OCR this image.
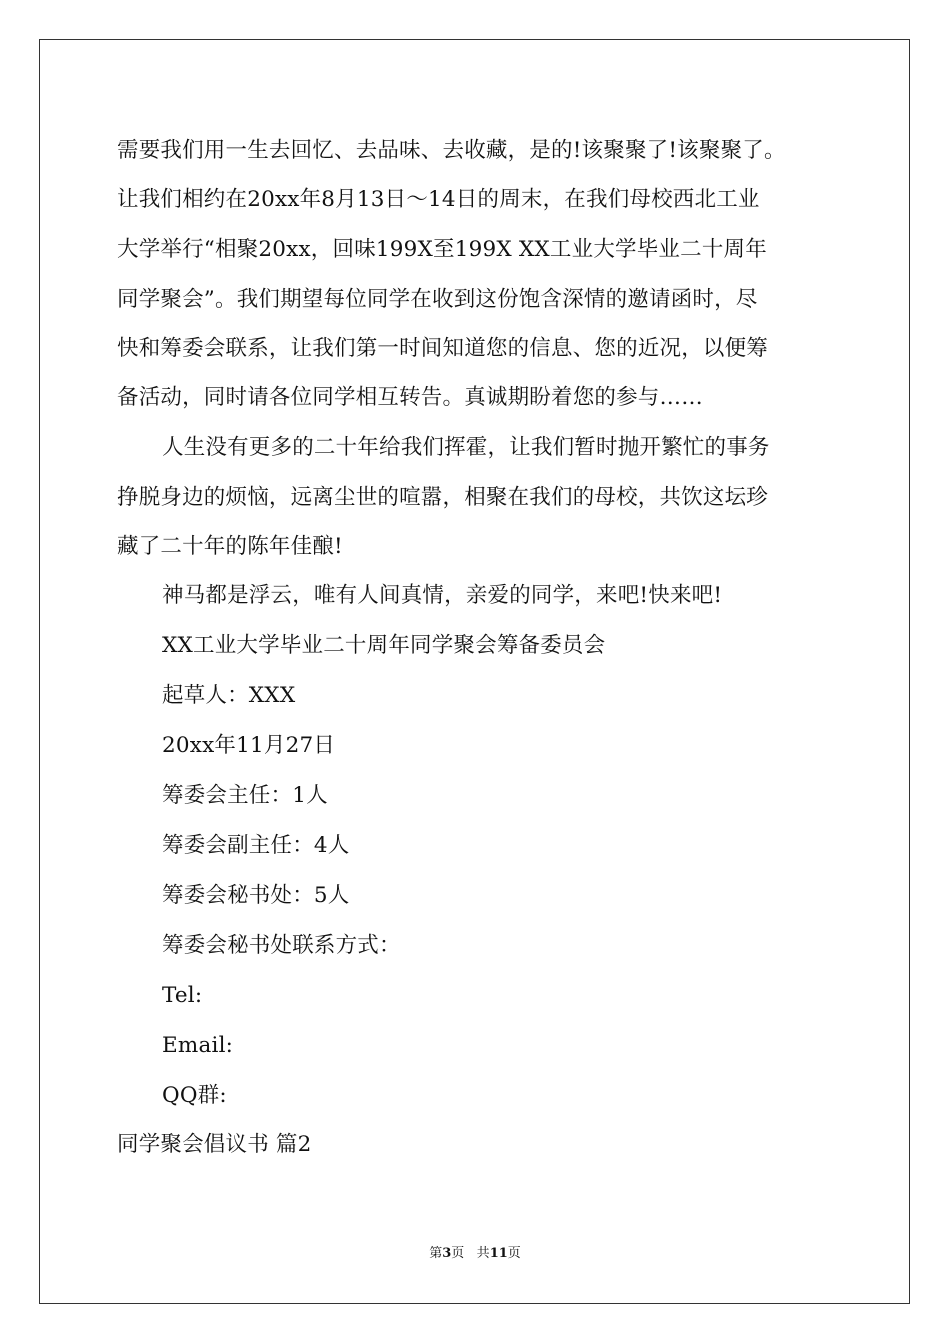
需要我们用一生去回忆、去品味、去收藏，是的!该聚聚了!该聚聚了。
让我们相约在20xx年8月13日～14日的周末，在我们母校西北工业
大学举行“相聚20xx，回味199X至199X XX工业大学毕业二十周年
同学聚会”。我们期望每位同学在收到这份饱含深情的邀请函时，尽
快和筹委会联系，让我们第一时间知道您的信息、您的近况，以便筹
备活动，同时请各位同学相互转告。真诚期盼着您的参与……
人生没有更多的二十年给我们挥霍，让我们暂时抛开繁忙的事务
挣脱身边的烦恼，远离尘世的喧嚣，相聚在我们的母校，共饮这坛珍
藏了二十年的陈年佳酿!
神马都是浮云，唯有人间真情，亲爱的同学，来吧!快来吧!
XX工业大学毕业二十周年同学聚会筹备委员会
起草人：XXX
20xx年11月27日
筹委会主任：1人
筹委会副主任：4人
筹委会秘书处：5人
筹委会秘书处联系方式：
Tel:
Email:
QQ群:
同学聚会倡议书 篇2
第3页 共11页
